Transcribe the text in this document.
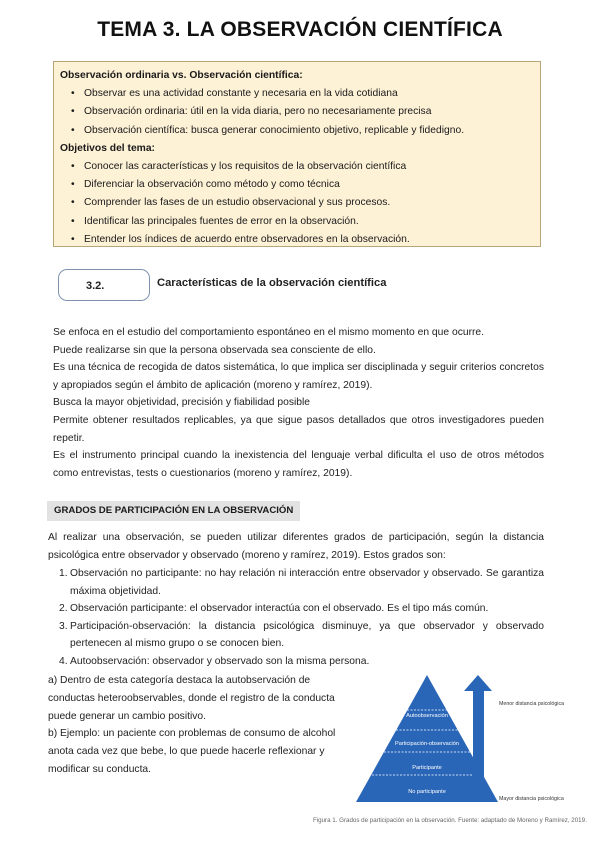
TEMA 3. LA OBSERVACIÓN CIENTÍFICA
Observación ordinaria vs. Observación científica:
• Observar es una actividad constante y necesaria en la vida cotidiana
• Observación ordinaria: útil en la vida diaria, pero no necesariamente precisa
• Observación científica: busca generar conocimiento objetivo, replicable y fidedigno.
Objetivos del tema:
• Conocer las características y los requisitos de la observación científica
• Diferenciar la observación como método y como técnica
• Comprender las fases de un estudio observacional y sus procesos.
• Identificar las principales fuentes de error en la observación.
• Entender los índices de acuerdo entre observadores en la observación.
3.2.	Características de la observación científica

Se enfoca en el estudio del comportamiento espontáneo en el mismo momento en que ocurre.

Puede realizarse sin que la persona observada sea consciente de ello.

Es una técnica de recogida de datos sistemática, lo que implica ser disciplinada y seguir criterios concretos y apropiados según el ámbito de aplicación (moreno y ramírez, 2019).

Busca la mayor objetividad, precisión y fiabilidad posible

Permite obtener resultados replicables, ya que sigue pasos detallados que otros investigadores pueden repetir.

Es el instrumento principal cuando la inexistencia del lenguaje verbal dificulta el uso de otros métodos como entrevistas, tests o cuestionarios (moreno y ramírez, 2019).

GRADOS DE PARTICIPACIÓN EN LA OBSERVACIÓN
Al realizar una observación, se pueden utilizar diferentes grados de participación, según la distancia psicológica entre observador y observado (moreno y ramírez, 2019). Estos grados son:
1. Observación no participante: no hay relación ni interacción entre observador y observado. Se garantiza máxima objetividad.
2. Observación participante: el observador interactúa con el observado. Es el tipo más común.
3. Participación-observación: la distancia psicológica disminuye, ya que observador y observado pertenecen al mismo grupo o se conocen bien.
4. Autoobservación: observador y observado son la misma persona.

a) Dentro de esta categoría destaca la autobservación de conductas heteroobservables, donde el registro de la conducta puede generar un cambio positivo.

b) Ejemplo: un paciente con problemas de consumo de alcohol anota cada vez que bebe, lo que puede hacerle reflexionar y modificar su conducta.

Autoobservación
Participación-observación
Participante
No participante
Menor distancia psicológica
Mayor distancia psicológica
Figura 1. Grados de participación en la observación. Fuente: adaptado de Moreno y Ramírez, 2019.
